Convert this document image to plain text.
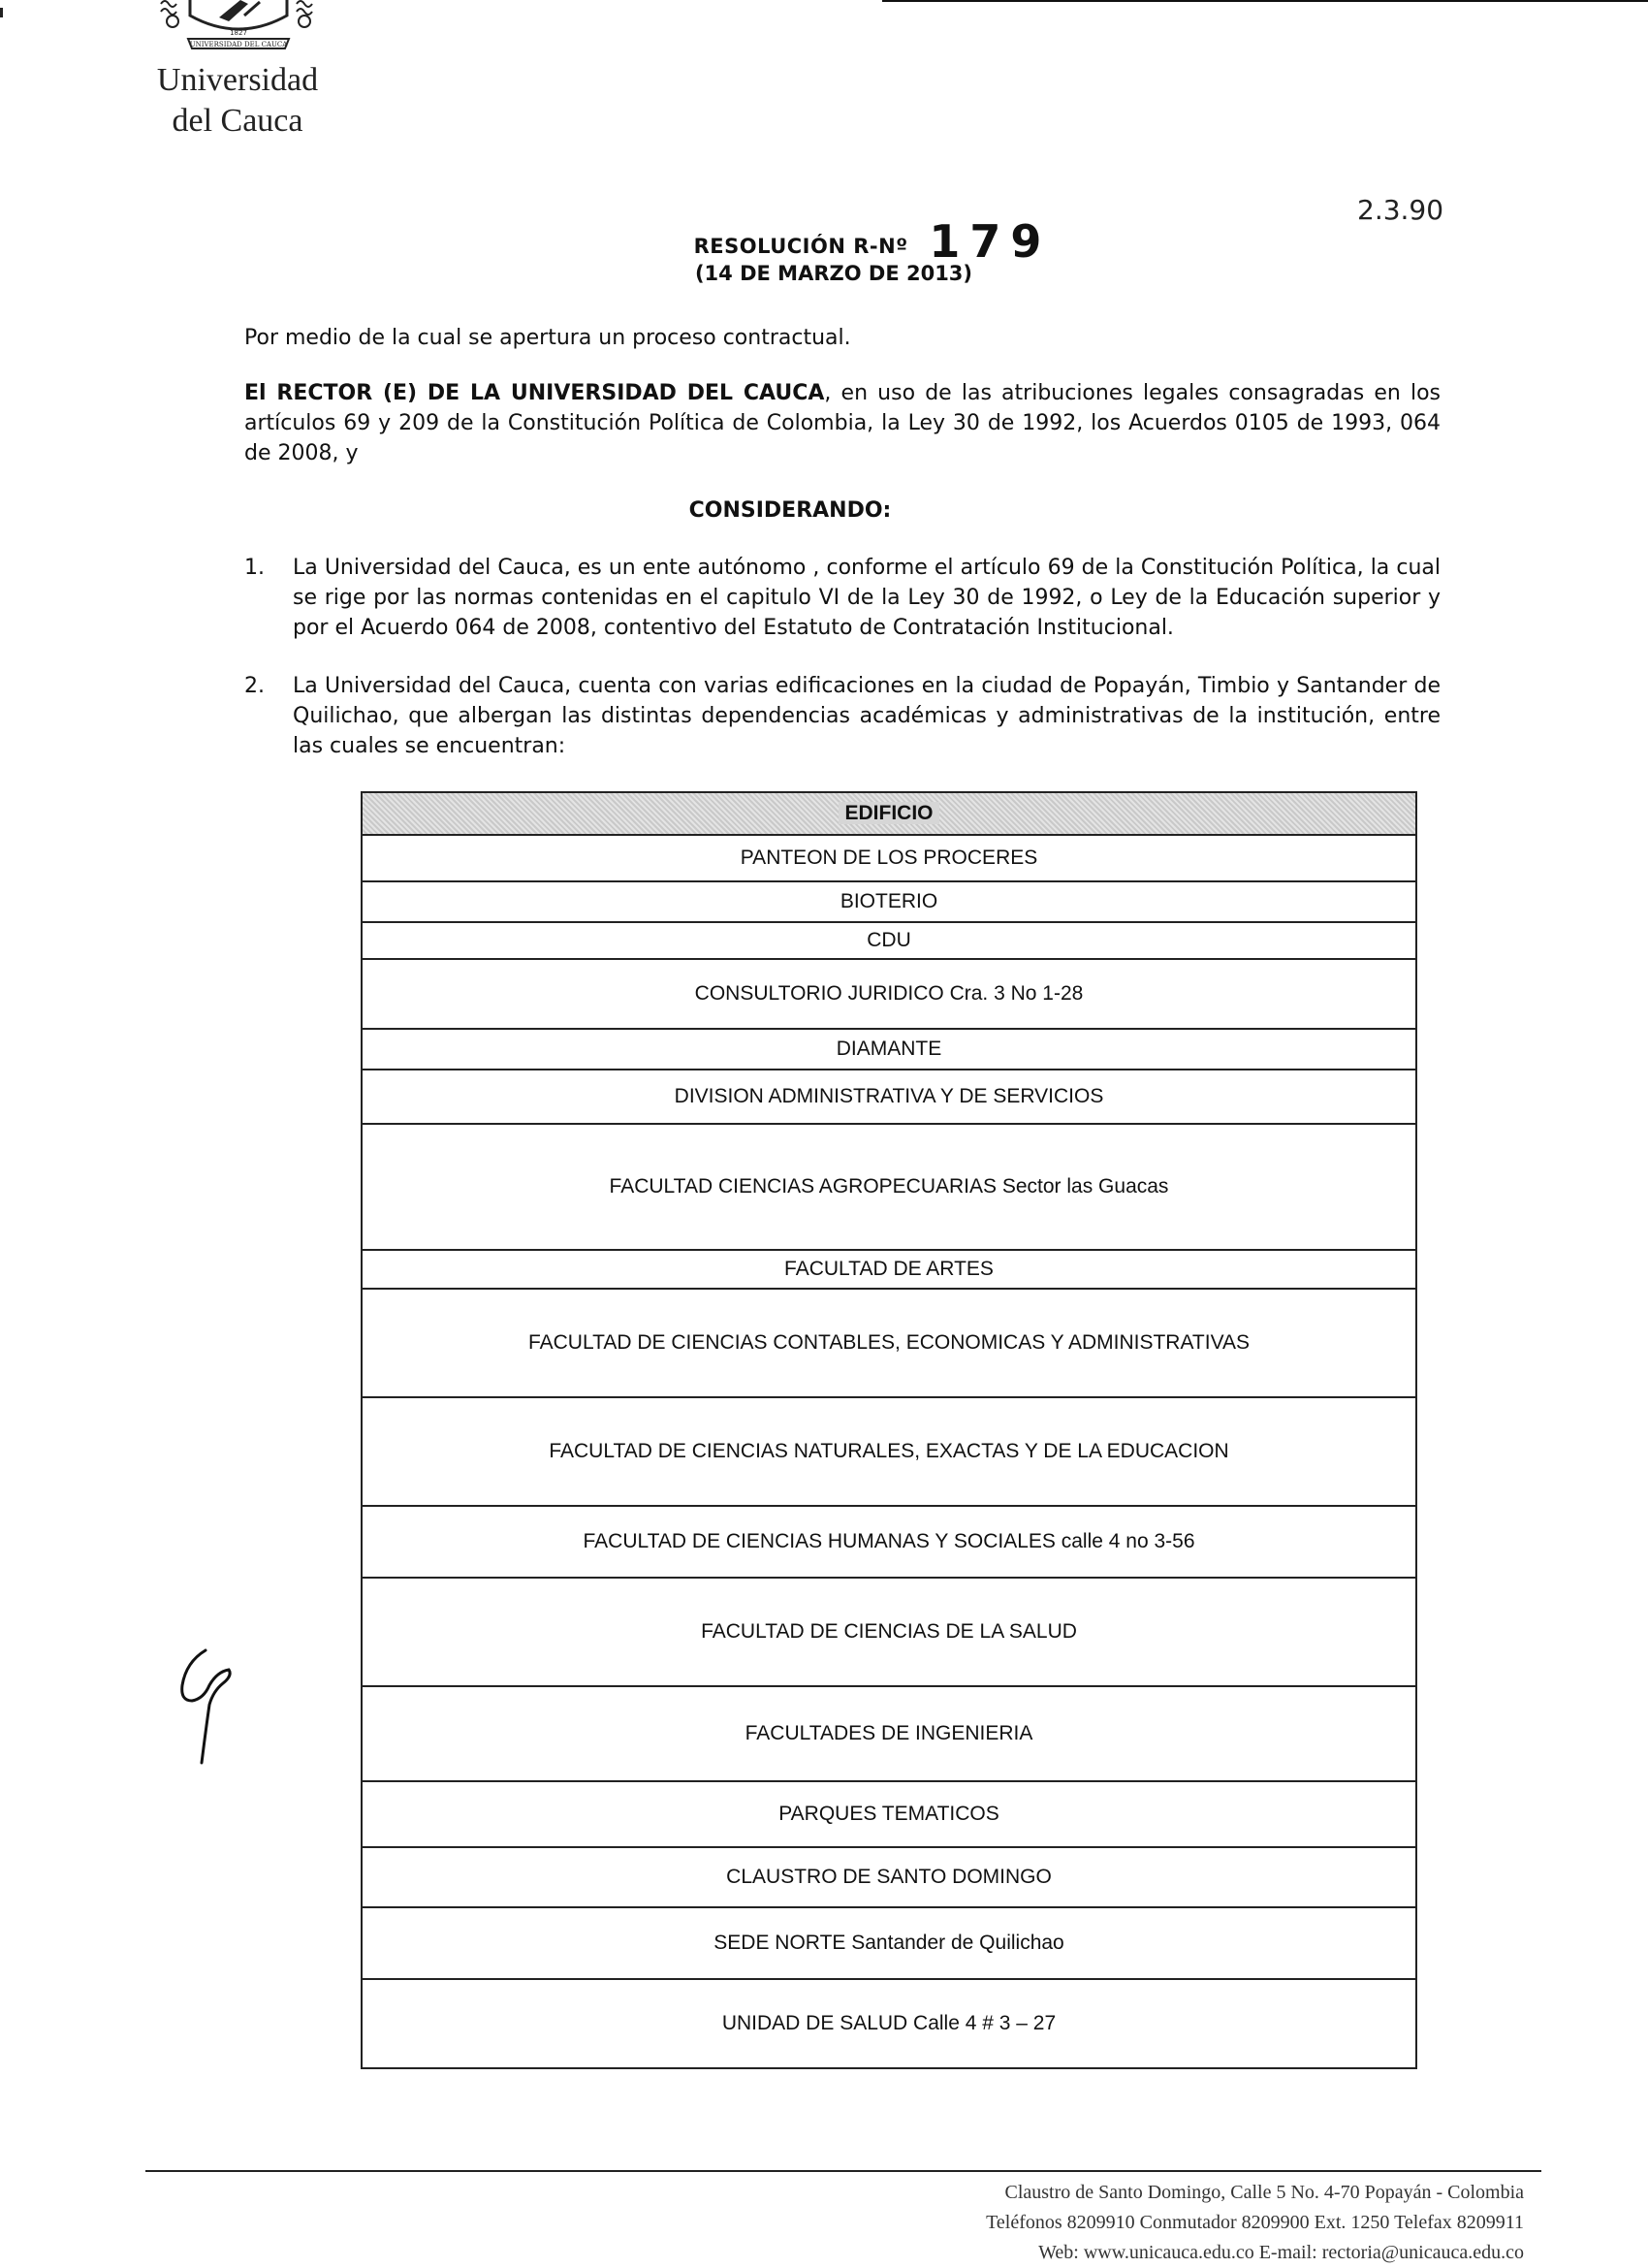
1827
UNIVERSIDAD DEL CAUCA
Universidad
del Cauca
2.3.90
RESOLUCIÓN R-Nº 179
(14 DE MARZO DE 2013)
Por medio de la cual se apertura un proceso contractual.
El RECTOR (E) DE LA UNIVERSIDAD DEL CAUCA, en uso de las atribuciones legales consagradas en los artículos 69 y 209 de la Constitución Política de Colombia, la Ley 30 de 1992, los Acuerdos 0105 de 1993, 064 de 2008, y
CONSIDERANDO:
1. La Universidad del Cauca, es un ente autónomo , conforme el artículo 69 de la Constitución Política, la cual se rige por las normas contenidas en el capitulo VI de la Ley 30 de 1992, o Ley de la Educación superior y por el Acuerdo 064 de 2008, contentivo del Estatuto de Contratación Institucional.
2. La Universidad del Cauca, cuenta con varias edificaciones en la ciudad de Popayán, Timbio y Santander de Quilichao, que albergan las distintas dependencias académicas y administrativas de la institución, entre las cuales se encuentran:
EDIFICIO
PANTEON DE LOS PROCERES
BIOTERIO
CDU
CONSULTORIO JURIDICO Cra. 3 No 1-28
DIAMANTE
DIVISION ADMINISTRATIVA Y DE SERVICIOS
FACULTAD CIENCIAS AGROPECUARIAS Sector las Guacas
FACULTAD DE ARTES
FACULTAD DE CIENCIAS CONTABLES, ECONOMICAS Y ADMINISTRATIVAS
FACULTAD DE CIENCIAS NATURALES, EXACTAS Y DE LA EDUCACION
FACULTAD DE CIENCIAS HUMANAS Y SOCIALES calle 4 no 3-56
FACULTAD DE CIENCIAS DE LA SALUD
FACULTADES DE INGENIERIA
PARQUES TEMATICOS
CLAUSTRO DE SANTO DOMINGO
SEDE NORTE Santander de Quilichao
UNIDAD DE SALUD Calle 4 # 3 – 27
Claustro de Santo Domingo, Calle 5 No. 4-70 Popayán - Colombia
Teléfonos 8209910 Conmutador 8209900 Ext. 1250 Telefax 8209911
Web: www.unicauca.edu.co E-mail: rectoria@unicauca.edu.co
